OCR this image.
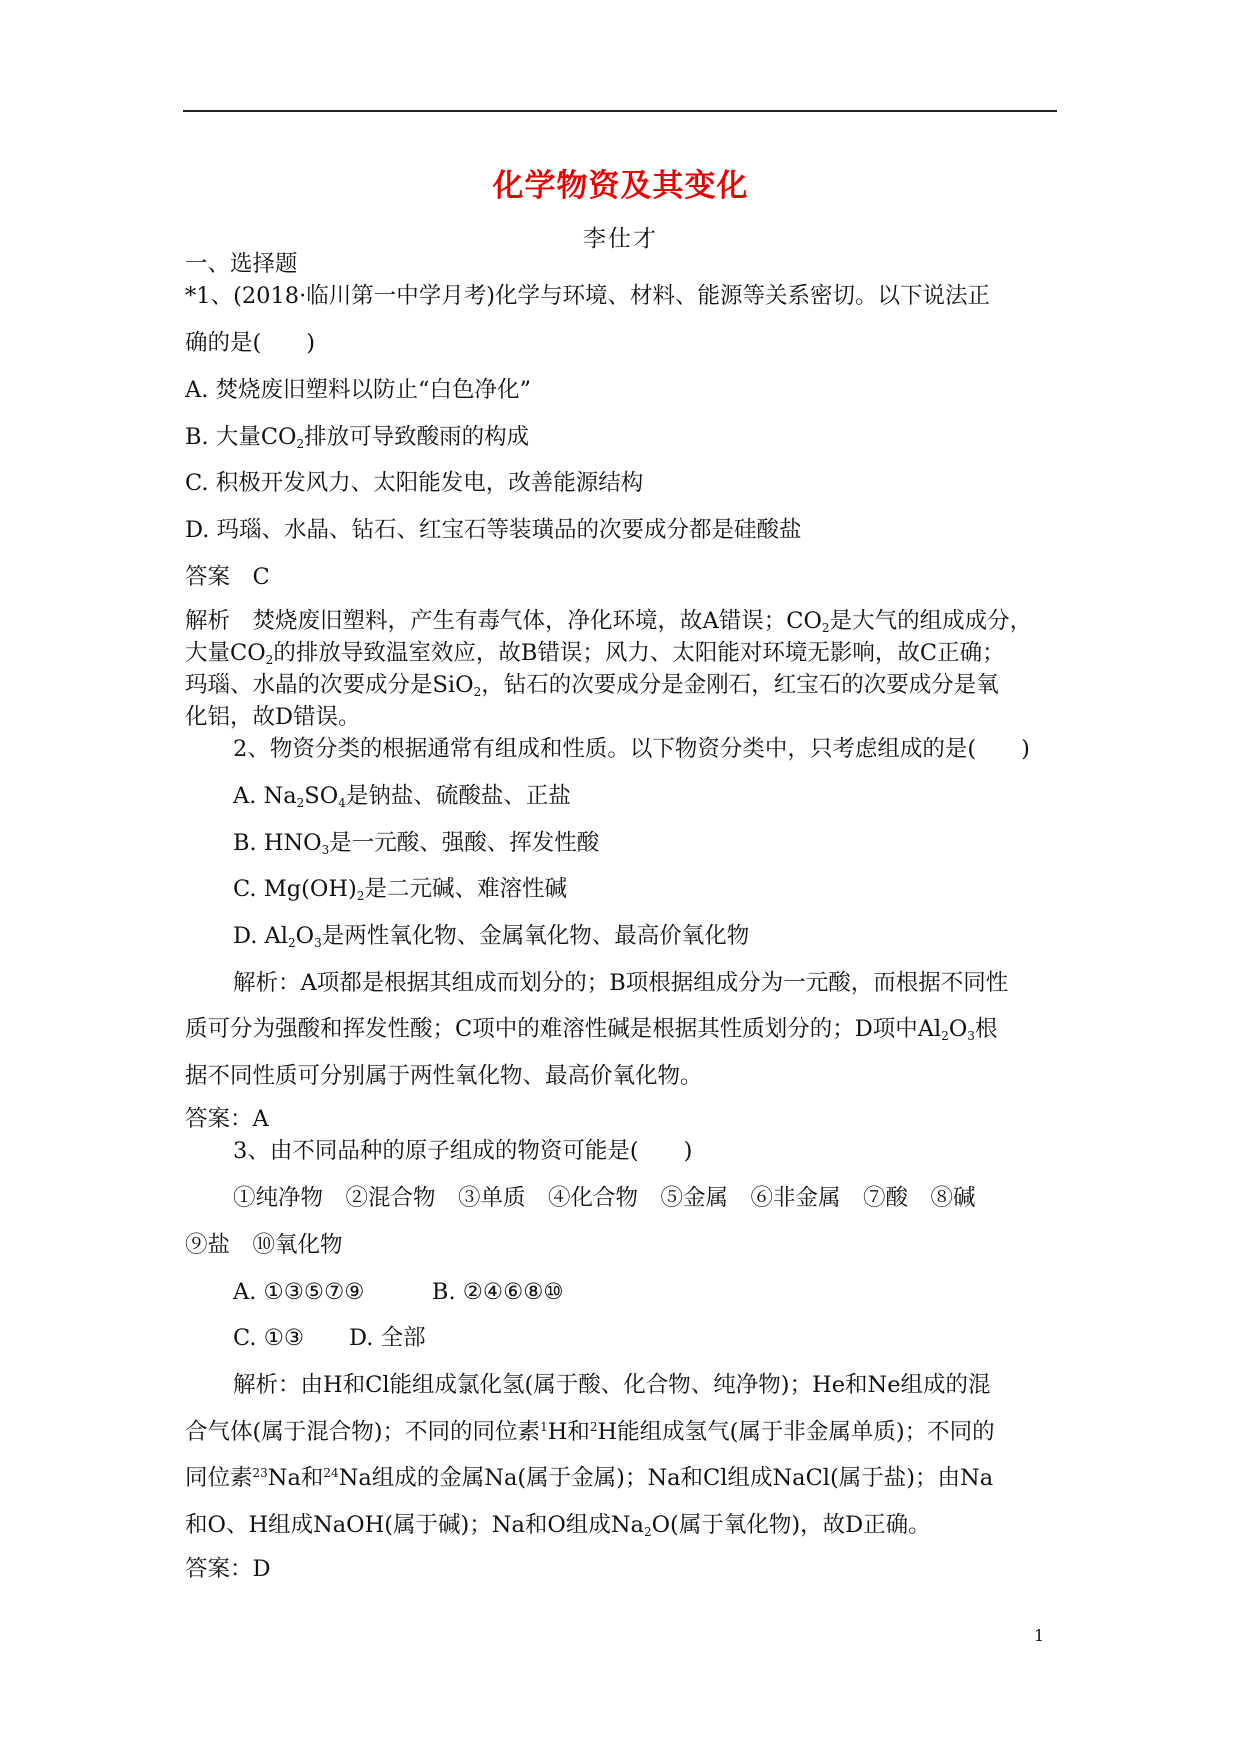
化学物资及其变化
李仕才
一、选择题
*1、(2018·临川第一中学月考)化学与环境、材料、能源等关系密切。以下说法正
确的是(　　)
A. 焚烧废旧塑料以防止“白色净化”
B. 大量$CO_2$排放可导致酸雨的构成
C. 积极开发风力、太阳能发电，改善能源结构
D. 玛瑙、水晶、钻石、红宝石等装璜品的次要成分都是硅酸盐
答案　C
解析　焚烧废旧塑料，产生有毒气体，净化环境，故A错误；$CO_2$是大气的组成成分，
大量$CO_2$的排放导致温室效应，故B错误；风力、太阳能对环境无影响，故C正确；
玛瑙、水晶的次要成分是SiO$_2$，钻石的次要成分是金刚石，红宝石的次要成分是氧
化铝，故D错误。
2、物资分类的根据通常有组成和性质。以下物资分类中，只考虑组成的是(　　)
A. $Na_2SO_4$是钠盐、硫酸盐、正盐
B. $HNO_3$是一元酸、强酸、挥发性酸
C. $Mg(OH)_2$是二元碱、难溶性碱
D. $Al_2O_3$是两性氧化物、金属氧化物、最高价氧化物
解析：A项都是根据其组成而划分的；B项根据组成分为一元酸，而根据不同性
质可分为强酸和挥发性酸；C项中的难溶性碱是根据其性质划分的；D项中$Al_2O_3$根
据不同性质可分别属于两性氧化物、最高价氧化物。
答案：A
3、由不同品种的原子组成的物资可能是(　　)
①纯净物　②混合物　③单质　④化合物　⑤金属　⑥非金属　⑦酸　⑧碱
⑨盐　⑩氧化物
A. ①③⑤⑦⑨　　　B. ②④⑥⑧⑩
C. ①③　　D. 全部
解析：由H和Cl能组成氯化氢(属于酸、化合物、纯净物)；He和Ne组成的混
合气体(属于混合物)；不同的同位素$^1$H和$^2$H能组成氢气(属于非金属单质)；不同的
同位素$^{23}$Na和$^{24}$Na组成的金属Na(属于金属)；Na和Cl组成NaCl(属于盐)；由Na
和O、H组成NaOH(属于碱)；Na和O组成$Na_2O$(属于氧化物)，故D正确。
答案：D
1
